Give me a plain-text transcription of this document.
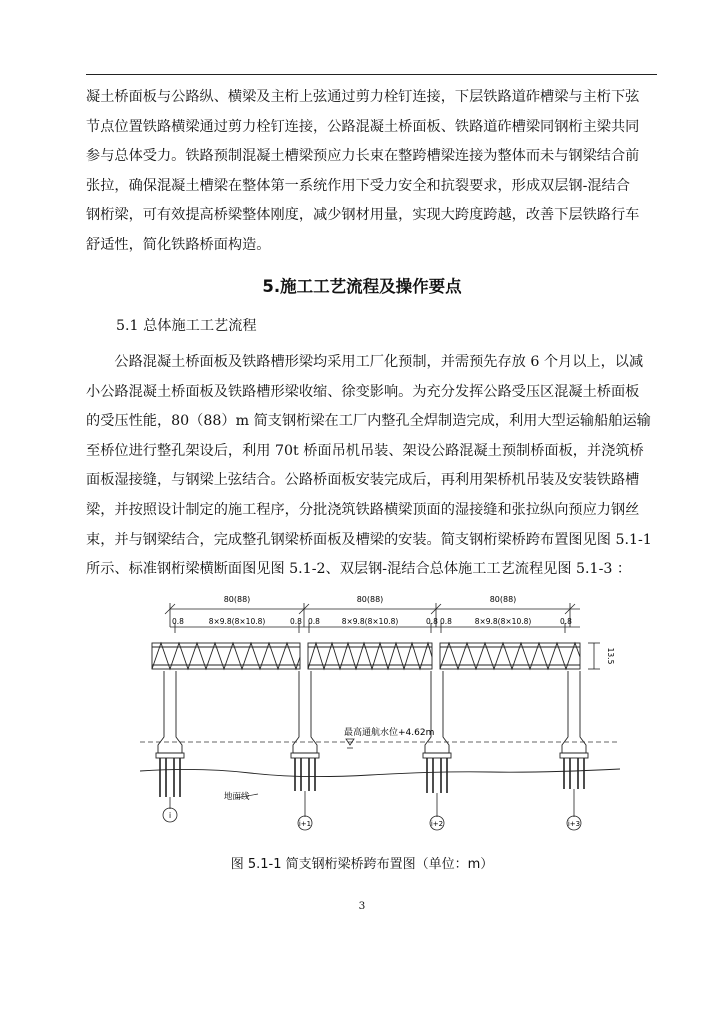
凝土桥面板与公路纵、横梁及主桁上弦通过剪力栓钉连接，下层铁路道砟槽梁与主桁下弦

节点位置铁路横梁通过剪力栓钉连接，公路混凝土桥面板、铁路道砟槽梁同钢桁主梁共同

参与总体受力。铁路预制混凝土槽梁预应力长束在整跨槽梁连接为整体而未与钢梁结合前

张拉，确保混凝土槽梁在整体第一系统作用下受力安全和抗裂要求，形成双层钢-混结合

钢桁梁，可有效提高桥梁整体刚度，减少钢材用量，实现大跨度跨越，改善下层铁路行车

舒适性，简化铁路桥面构造。

5.施工工艺流程及操作要点
5.1 总体施工工艺流程

　　公路混凝土桥面板及铁路槽形梁均采用工厂化预制，并需预先存放 6 个月以上，以减

小公路混凝土桥面板及铁路槽形梁收缩、徐变影响。为充分发挥公路受压区混凝土桥面板

的受压性能，80（88）m 简支钢桁梁在工厂内整孔全焊制造完成，利用大型运输船舶运输

至桥位进行整孔架设后，利用 70t 桥面吊机吊装、架设公路混凝土预制桥面板，并浇筑桥

面板湿接缝，与钢梁上弦结合。公路桥面板安装完成后，再利用架桥机吊装及安装铁路槽

梁，并按照设计制定的施工程序，分批浇筑铁路横梁顶面的湿接缝和张拉纵向预应力钢丝

束，并与钢梁结合，完成整孔钢梁桥面板及槽梁的安装。简支钢桁梁桥跨布置图见图 5.1-1

所示、标准钢桁梁横断面图见图 5.1-2、双层钢-混结合总体施工工艺流程见图 5.1-3 ：

80(88)	80(88)	80(88)
0.8	0.8 0.8	0.8 0.8	0.8
8×9.8(8×10.8)	8×9.8(8×10.8)	8×9.8(8×10.8)
13.5
最高通航水位+4.62m
地面线
i
i+1	i+2	i+3
图 5.1-1 简支钢桁梁桥跨布置图（单位：m）
3
